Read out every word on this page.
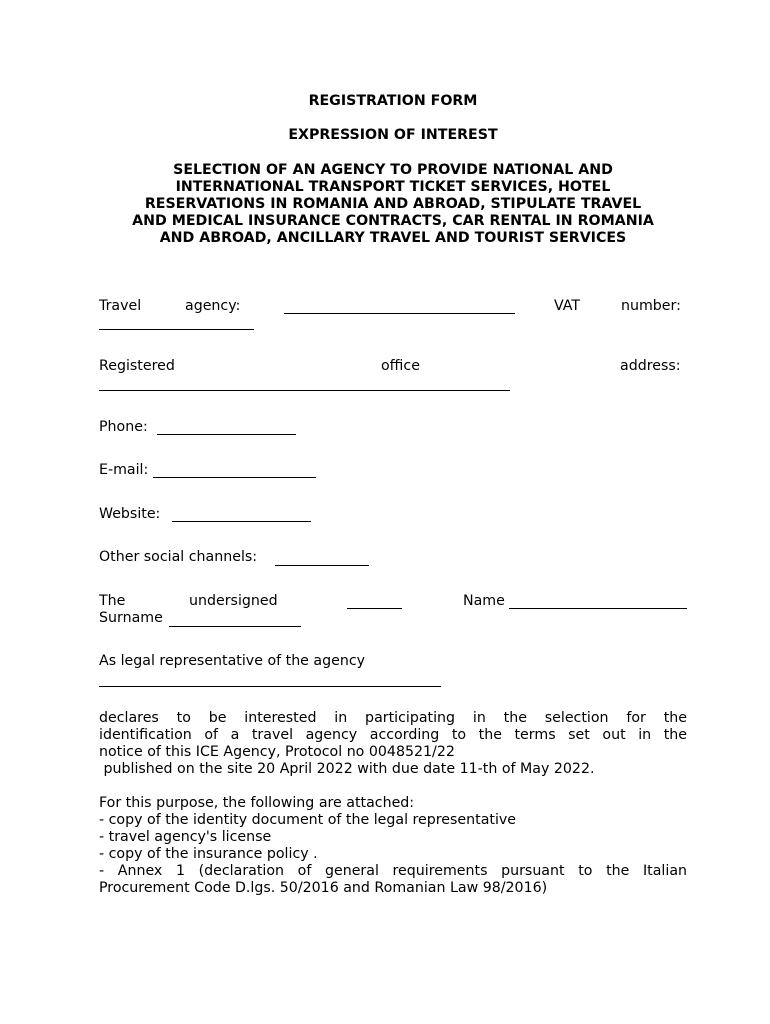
REGISTRATION FORM
EXPRESSION OF INTEREST
SELECTION OF AN AGENCY TO PROVIDE NATIONAL AND
INTERNATIONAL TRANSPORT TICKET SERVICES, HOTEL
RESERVATIONS IN ROMANIA AND ABROAD, STIPULATE TRAVEL
AND MEDICAL INSURANCE CONTRACTS, CAR RENTAL IN ROMANIA
AND ABROAD, ANCILLARY TRAVEL AND TOURIST SERVICES
Travel	agency:	VAT	number:
Registered	office	address:
Phone:
E-mail:
Website:
Other social channels:
The	undersigned	Name
Surname
As legal representative of the agency
declares to be interested in participating in the selection for the
identification of a travel agency according to the terms set out in the
notice of this ICE Agency, Protocol no 0048521/22
published on the site 20 April 2022 with due date 11-th of May 2022.
For this purpose, the following are attached:
- copy of the identity document of the legal representative
- travel agency's license
- copy of the insurance policy .
- Annex 1 (declaration of general requirements pursuant to the Italian
Procurement Code D.lgs. 50/2016 and Romanian Law 98/2016)
